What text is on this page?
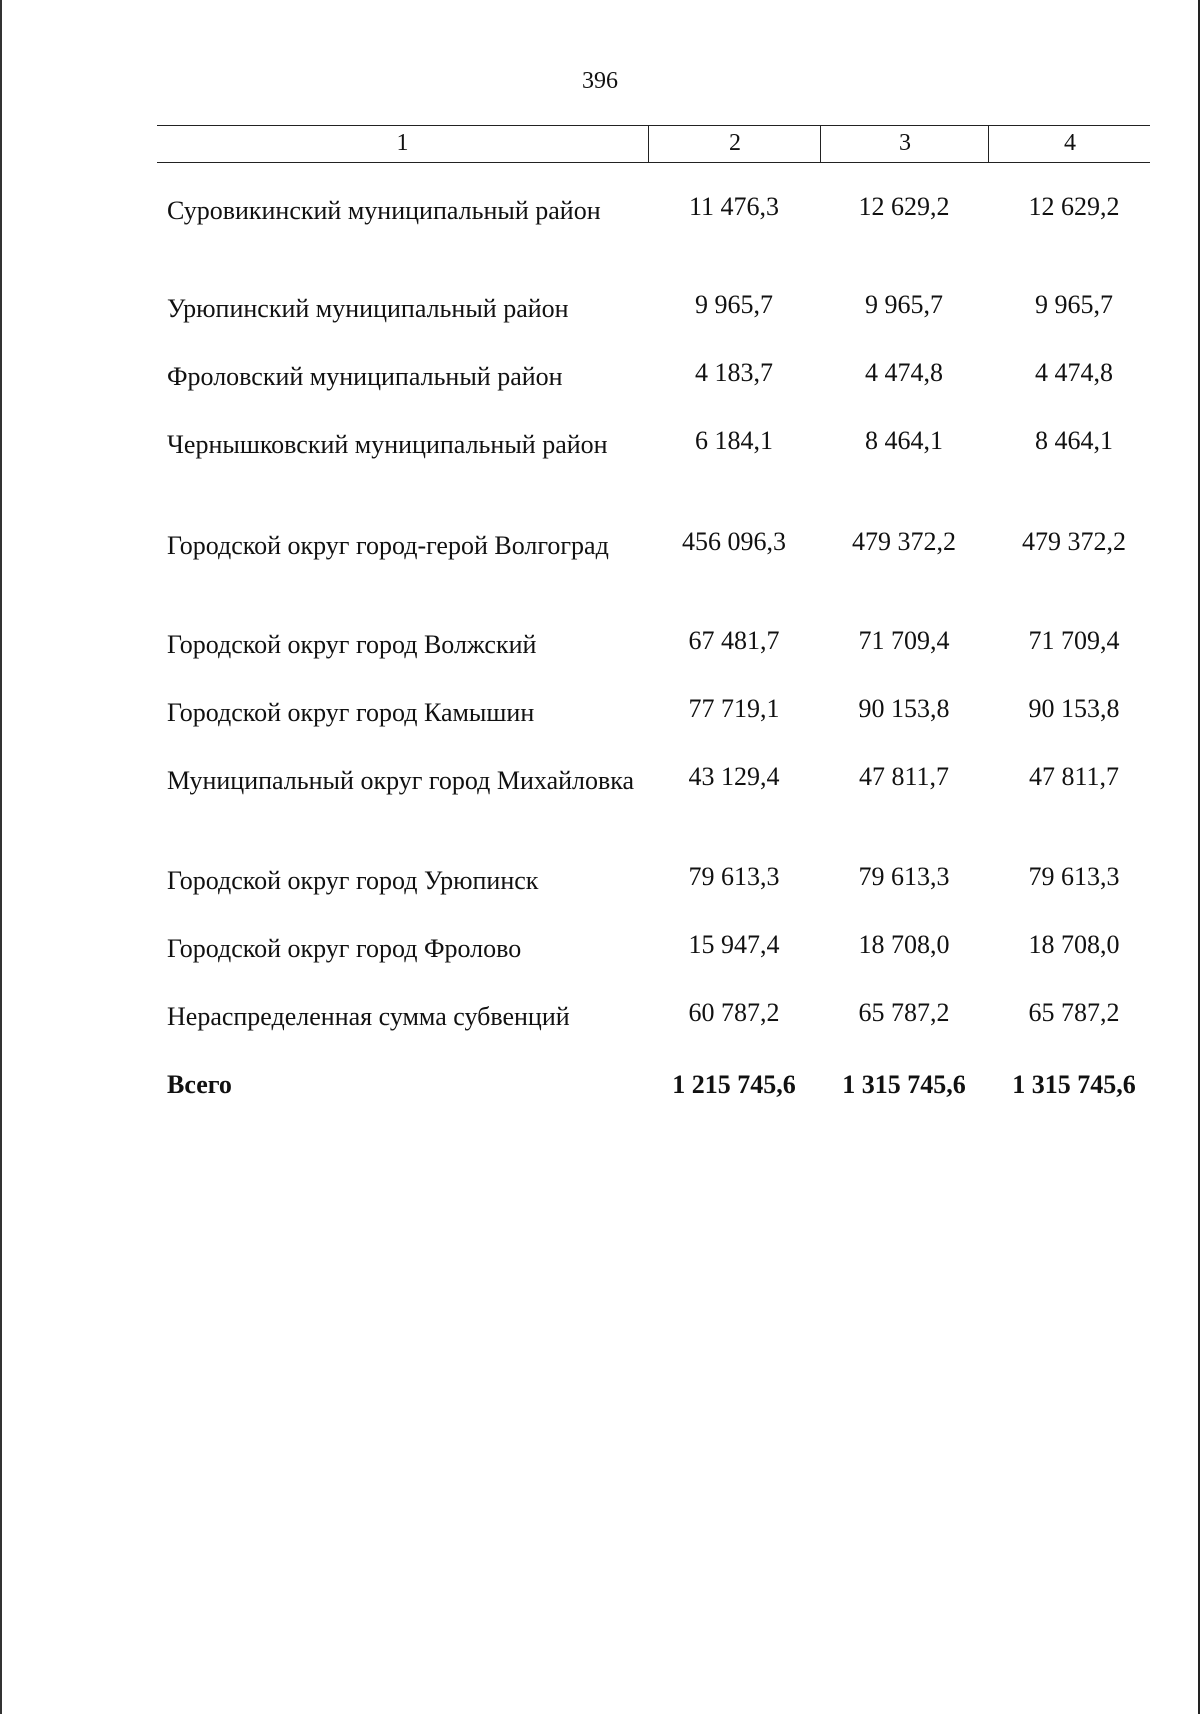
396
1	2	3	4
Суровикинский муниципальный район	11 476,3	12 629,2	12 629,2
Урюпинский муниципальный район	9 965,7	9 965,7	9 965,7
Фроловский муниципальный район	4 183,7	4 474,8	4 474,8
Чернышковский муниципальный район	6 184,1	8 464,1	8 464,1
Городской округ город-герой Волгоград	456 096,3	479 372,2	479 372,2
Городской округ город Волжский	67 481,7	71 709,4	71 709,4
Городской округ город Камышин	77 719,1	90 153,8	90 153,8
Муниципальный округ город Михайловка	43 129,4	47 811,7	47 811,7
Городской округ город Урюпинск	79 613,3	79 613,3	79 613,3
Городской округ город Фролово	15 947,4	18 708,0	18 708,0
Нераспределенная сумма субвенций	60 787,2	65 787,2	65 787,2
Всего	1 215 745,6	1 315 745,6	1 315 745,6
